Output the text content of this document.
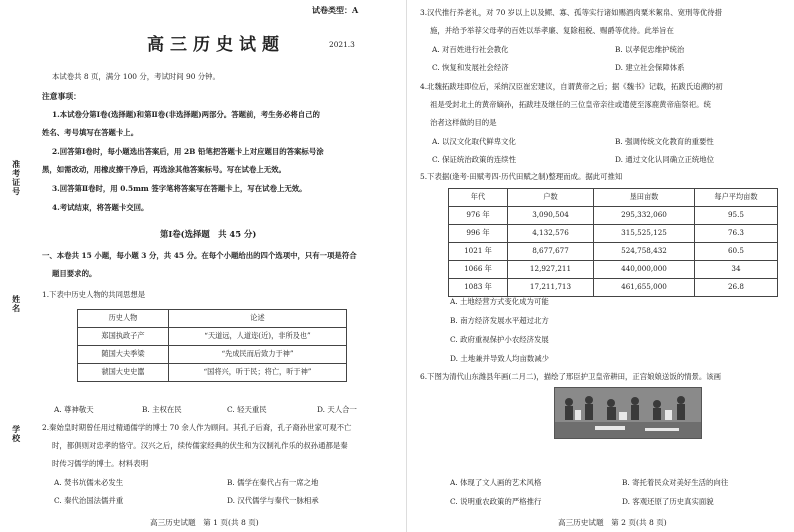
准考证号
姓名
学校
试卷类型：A
高三历史试题	2021.3
本试卷共 8 页，满分 100 分，考试时间 90 分钟。
注意事项：
1.本试卷分第Ⅰ卷(选择题)和第Ⅱ卷(非选择题)两部分。答题前，考生务必将自己的
姓名、考号填写在答题卡上。
2.回答第Ⅰ卷时，每小题选出答案后，用 2B 铅笔把答题卡上对应题目的答案标号涂
黑，如需改动，用橡皮擦干净后，再选涂其他答案标号。写在试卷上无效。
3.回答第Ⅱ卷时，用 0.5mm 签字笔将答案写在答题卡上，写在试卷上无效。
4.考试结束，将答题卡交回。
第Ⅰ卷(选择题　共 45 分)
一、本卷共 15 小题，每小题 3 分，共 45 分。在每个小题给出的四个选项中，只有一项是符合
题目要求的。
1.下表中历史人物的共同思想是
历史人物	论述
郑国执政子产	“天道远，人道迩(近)，非所及也”
随国大夫季梁	“先成民而后致力于神”
虢国大史史嚚	“国将兴，听于民；将亡，听于神”
A. 尊神敬天	B. 主权在民	C. 轻天重民	D. 天人合一
2.秦始皇时期曾任用过精通儒学的博士 70 余人作为顾问。其孔子后裔，孔子裔孙世家可观不亡
时，都俱则对忠孝的恪守。汉兴之后，续传儒家经典的伏生和为汉制礼作乐的叔孙通都是秦
时传习儒学的博士。材料表明
A. 焚书坑儒未必发生	B. 儒学在秦代占有一席之地
C. 秦代治国法儒并重	D. 汉代儒学与秦代一脉相承
高三历史试题　第 1 页(共 8 页)
3.汉代推行养老礼，对 70 岁以上以及鳏、寡、孤等实行诸如赐酒肉粟米絮帛、宽刑等优待措
施，并给予举荐父母孝的百姓以举孝廉、复除租税、赐爵等优待。此举旨在
A. 对百姓进行社会教化	B. 以孝促忠维护统治
C. 恢复和发展社会经济	D. 建立社会保障体系
4.北魏拓跋珪即位后，采纳汉臣崔宏建议，自谓黄帝之后；据《魏书》记载，拓跋氏追溯的初
祖是受封北土的黄帝嫡孙，拓跋珪及继任的三位皇帝亲往或遣使至涿鹿黄帝庙祭祀。统
治者这样做的目的是
A. 以汉文化取代鲜卑文化	B. 强调传统文化教育的重要性
C. 保证统治政策的连续性	D. 通过文化认同确立正统地位
5.下表据(逄考·田赋考四·历代田赋之制)整理而成。据此可推知
年代	户数	垦田亩数	每户平均亩数
976 年	3,090,504	295,332,060	95.5
996 年	4,132,576	315,525,125	76.3
1021 年	8,677,677	524,758,432	60.5
1066 年	12,927,211	440,000,000	34
1083 年	17,211,713	461,655,000	26.8
A. 土地经营方式变化成为可能
B. 南方经济发展水平超过北方
C. 政府重视保护小农经济发展
D. 土地兼并导致人均亩数减少
6.下图为清代山东潍县年画(二月二)，描绘了邢臣护卫皇帝耕田，正宫娘娘送饭的情景。该画
A. 体现了文人画的艺术风格	B. 寄托着民众对美好生活的向往
C. 说明重农政策的严格推行	D. 客观还原了历史真实面貌
高三历史试题　第 2 页(共 8 页)
